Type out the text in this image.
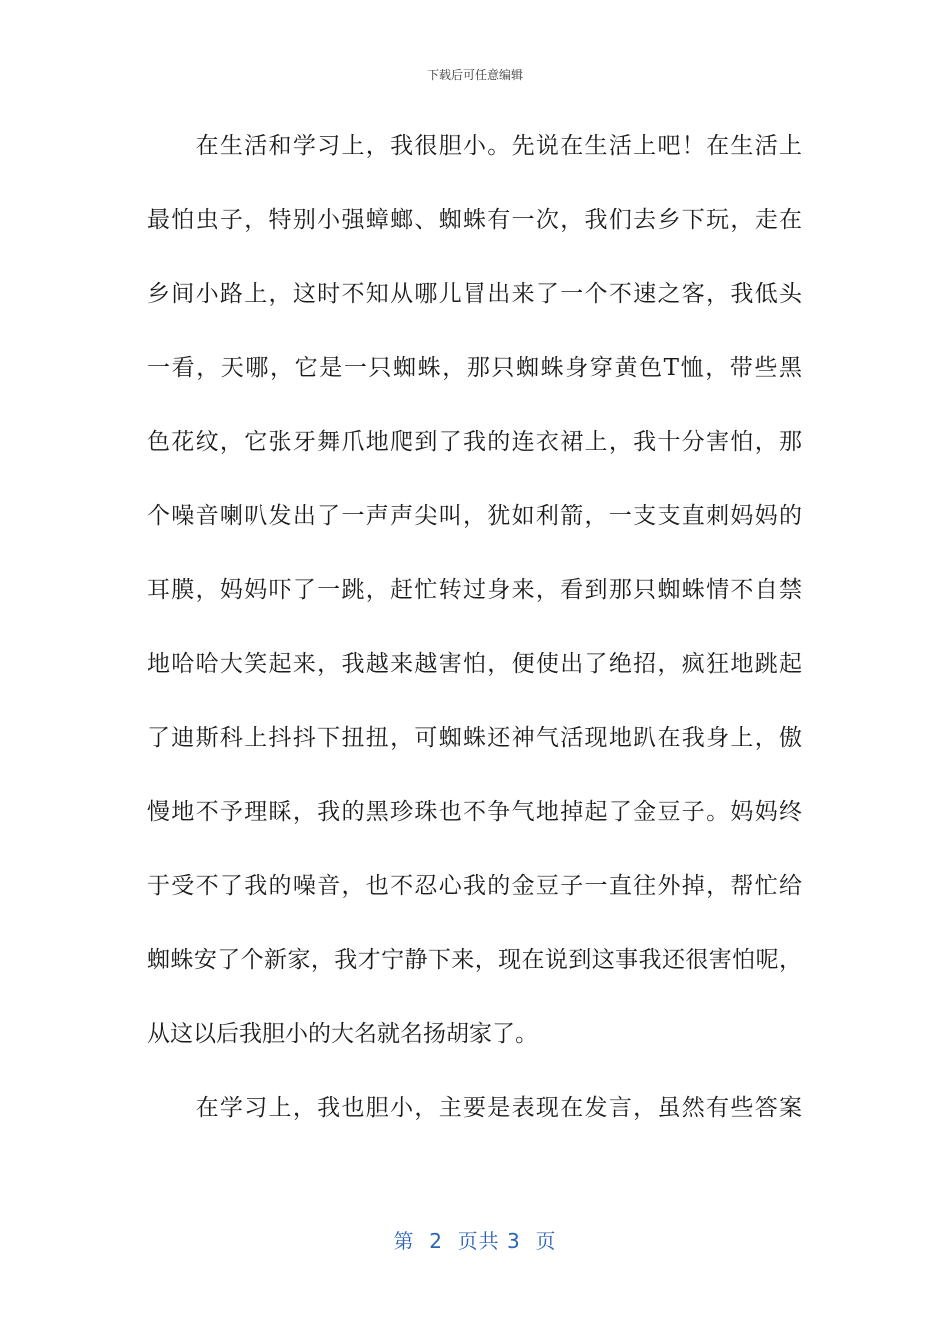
下载后可任意编辑
　　在生活和学习上，我很胆小。先说在生活上吧！在生活上
最怕虫子，特别小强蟑螂、蜘蛛有一次，我们去乡下玩，走在
乡间小路上，这时不知从哪儿冒出来了一个不速之客，我低头
一看，天哪，它是一只蜘蛛，那只蜘蛛身穿黄色T恤，带些黑
色花纹，它张牙舞爪地爬到了我的连衣裙上，我十分害怕，那
个噪音喇叭发出了一声声尖叫，犹如利箭，一支支直刺妈妈的
耳膜，妈妈吓了一跳，赶忙转过身来，看到那只蜘蛛情不自禁
地哈哈大笑起来，我越来越害怕，便使出了绝招，疯狂地跳起
了迪斯科上抖抖下扭扭，可蜘蛛还神气活现地趴在我身上，傲
慢地不予理睬，我的黑珍珠也不争气地掉起了金豆子。妈妈终
于受不了我的噪音，也不忍心我的金豆子一直往外掉，帮忙给
蜘蛛安了个新家，我才宁静下来，现在说到这事我还很害怕呢，
从这以后我胆小的大名就名扬胡家了。
　　在学习上，我也胆小，主要是表现在发言，虽然有些答案
第  2  页共 3  页
